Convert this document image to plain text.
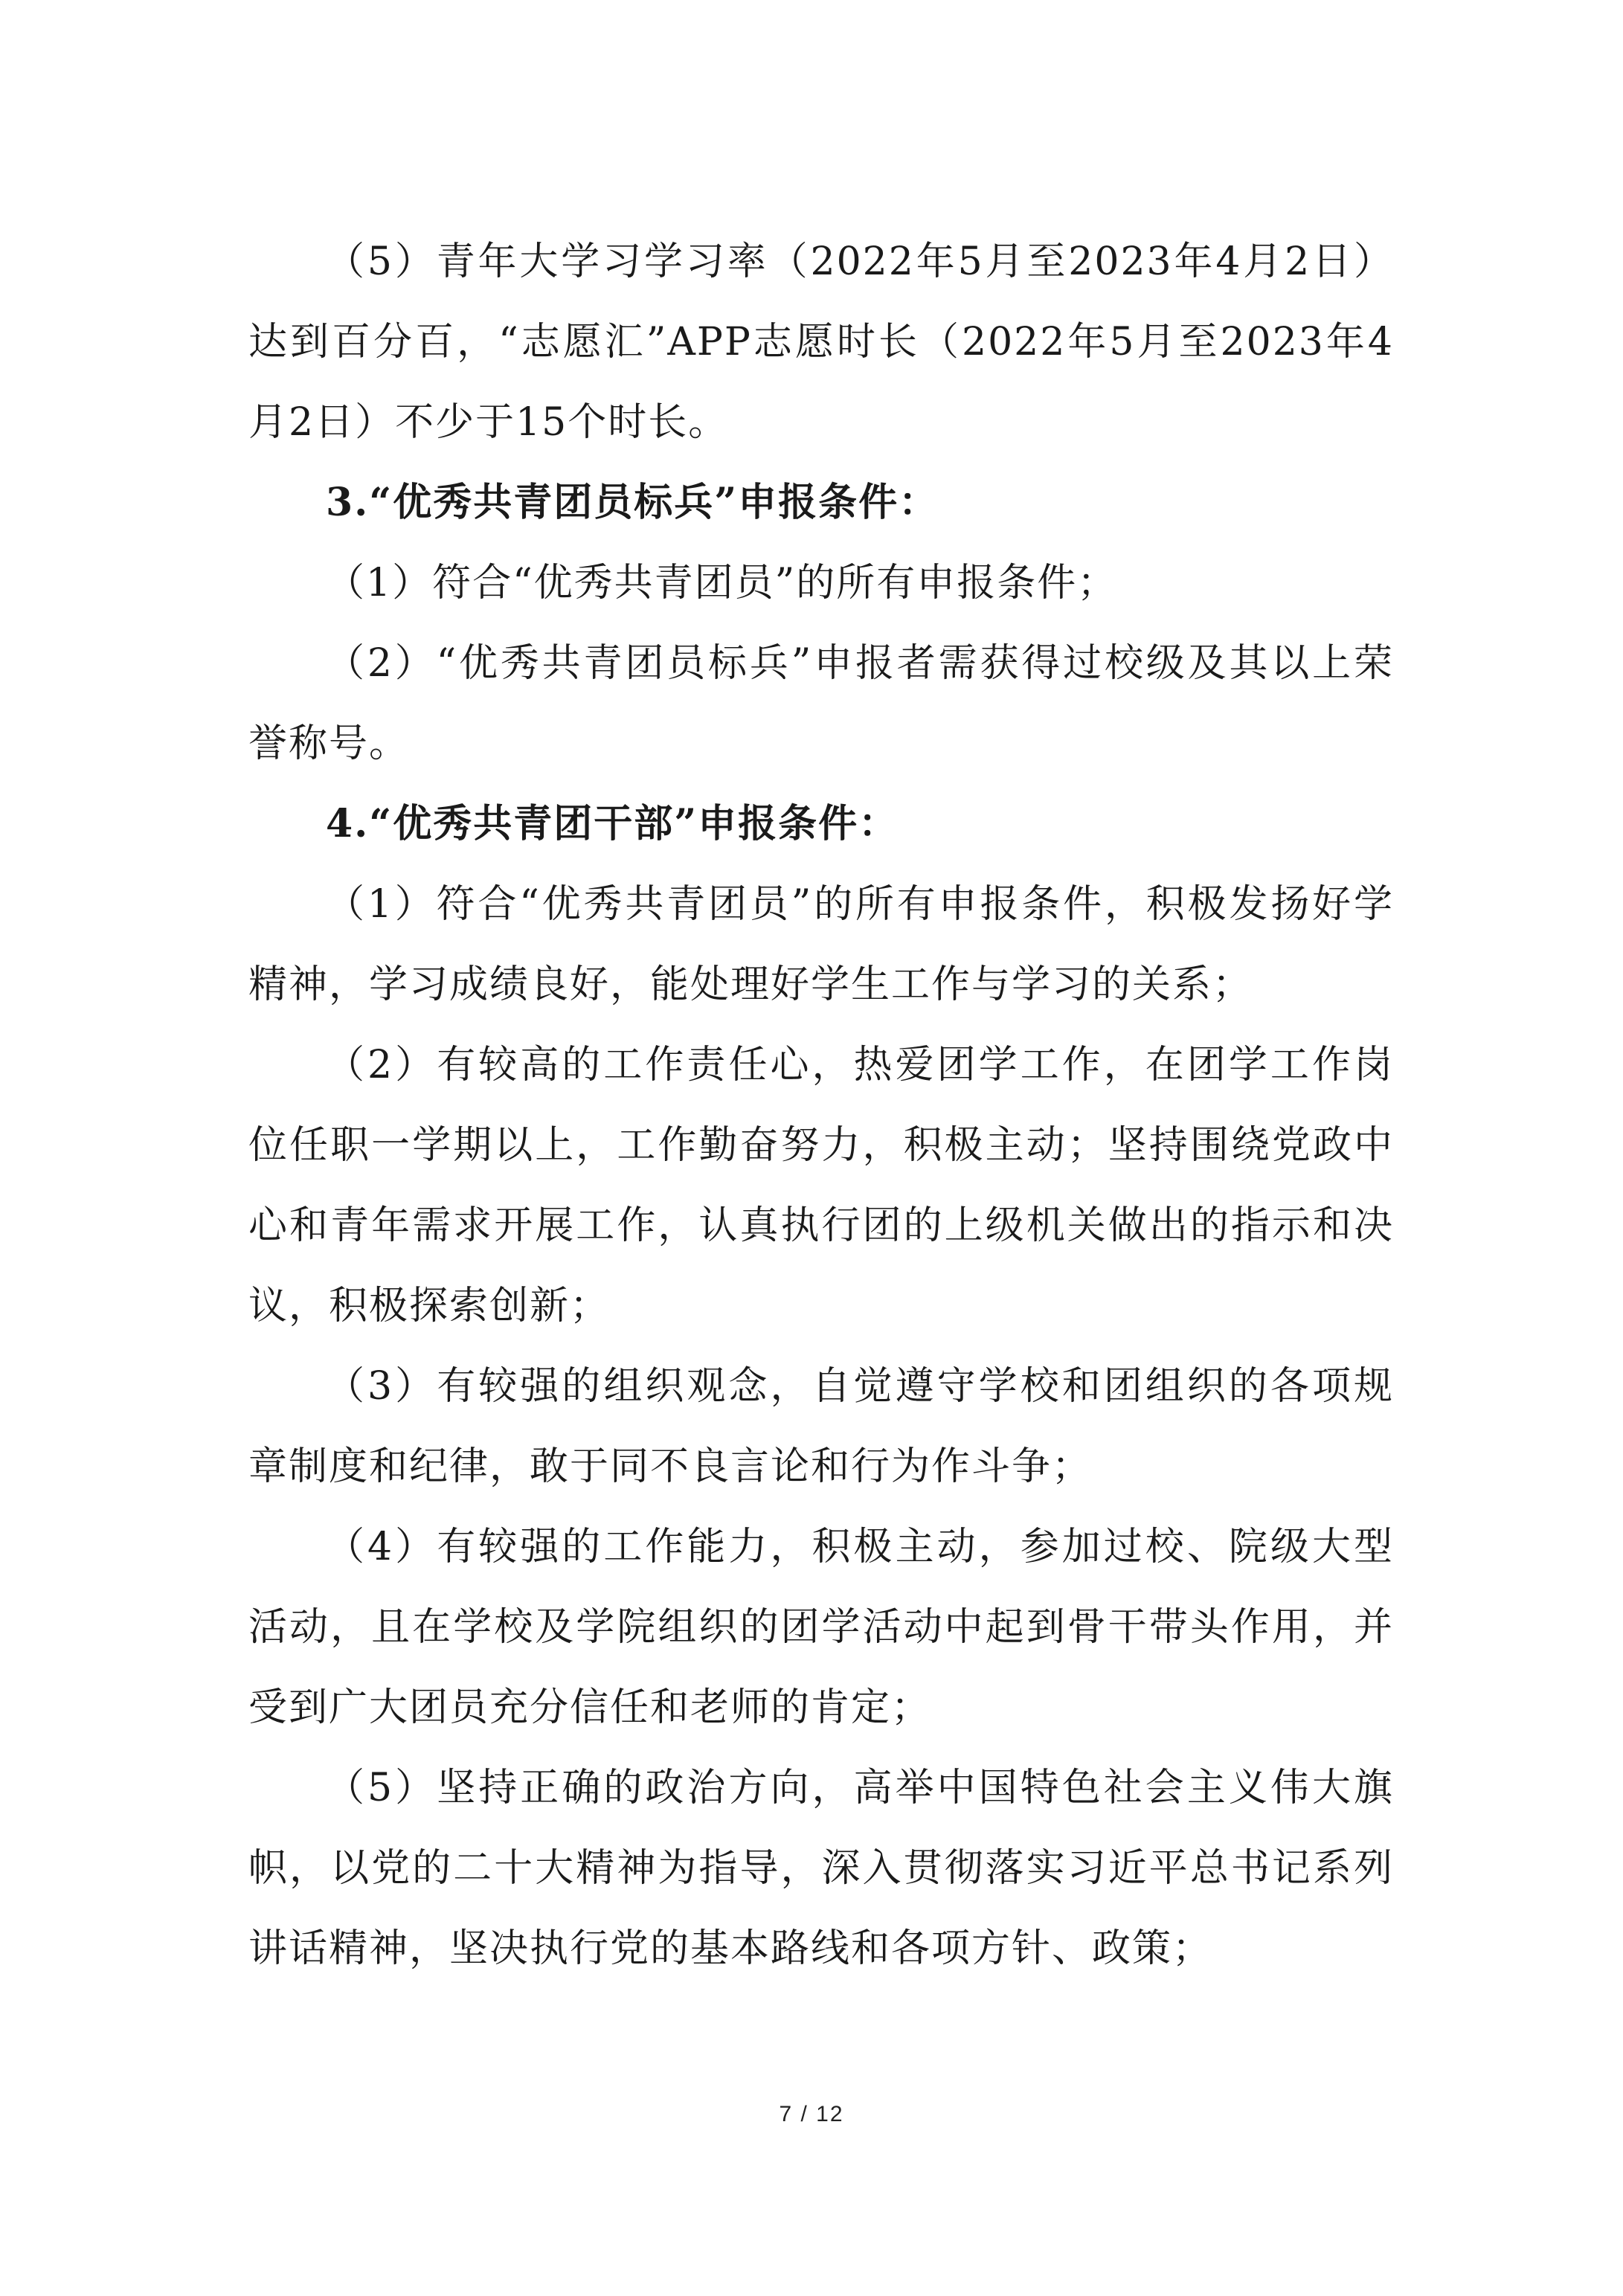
（5）青年大学习学习率（2022年5月至2023年4月2日）达到百分百，“志愿汇”APP志愿时长（2022年5月至2023年4月2日）不少于15个时长。

3.“优秀共青团员标兵”申报条件：

（1）符合“优秀共青团员”的所有申报条件；

（2）“优秀共青团员标兵”申报者需获得过校级及其以上荣誉称号。

4.“优秀共青团干部”申报条件：

（1）符合“优秀共青团员”的所有申报条件，积极发扬好学精神，学习成绩良好，能处理好学生工作与学习的关系；

（2）有较高的工作责任心，热爱团学工作，在团学工作岗位任职一学期以上，工作勤奋努力，积极主动；坚持围绕党政中心和青年需求开展工作，认真执行团的上级机关做出的指示和决议，积极探索创新；

（3）有较强的组织观念，自觉遵守学校和团组织的各项规章制度和纪律，敢于同不良言论和行为作斗争；

（4）有较强的工作能力，积极主动，参加过校、院级大型活动，且在学校及学院组织的团学活动中起到骨干带头作用，并受到广大团员充分信任和老师的肯定；

（5）坚持正确的政治方向，高举中国特色社会主义伟大旗帜，以党的二十大精神为指导，深入贯彻落实习近平总书记系列讲话精神，坚决执行党的基本路线和各项方针、政策；

7 / 12
